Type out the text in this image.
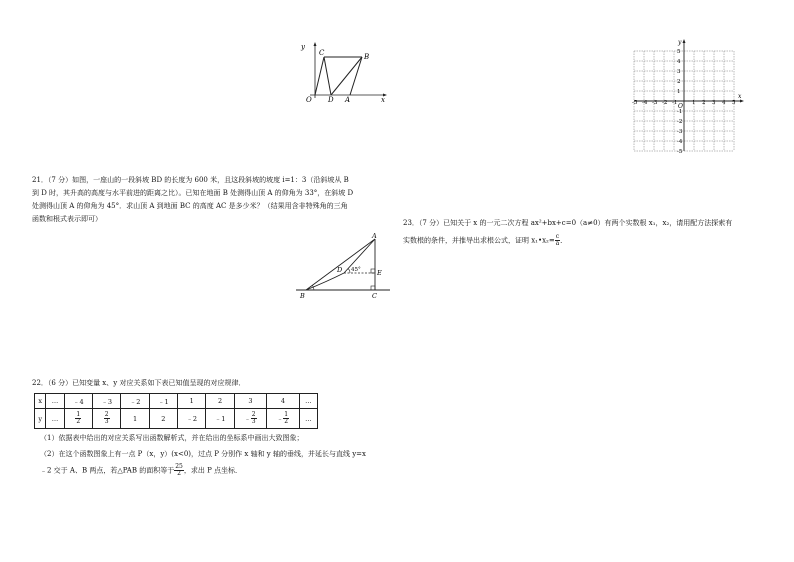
y
x
O
C	B
D A	x
y
O
-5 -4 -3 -2 -1	1 2 3 4 5
5
4
3
2
1
-1
-2
-3
-4
-5
21．（7 分）如图，一座山的一段斜坡 BD 的长度为 600 米，且这段斜坡的坡度 i=1：3（沿斜坡从 B
到 D 时，其升高的高度与水平前进的距离之比）。已知在地面 B 处测得山顶 A 的仰角为 33°，在斜坡 D
处测得山顶 A 的仰角为 45°．求山顶 A 到地面 BC 的高度 AC 是多少米？（结果用含非特殊角的三角
函数和根式表示即可）
A
D	E
B	C
45°
22．（6 分）已知变量 x、y 对应关系如下表已知值呈现的对应规律．
x	…	﹣4	﹣3	﹣2	﹣1	1	2	3	4	…
y	…	$\frac{1}{2}$	$\frac{2}{3}$	1	2	﹣2	﹣1	﹣ $\frac{2}{3}$	﹣ $\frac{1}{2}$	…
（1）依据表中给出的对应关系写出函数解析式，并在给出的坐标系中画出大致图象；
（2）在这个函数图象上有一点 P（x，y）(x<0)，过点 P 分别作 x 轴和 y 轴的垂线，并延长与直线 y=x
﹣2 交于 A、B 两点，若△PAB 的面积等于 $\frac{25}{2}$ ，求出 P 点坐标．
23．（7 分）已知关于 x 的一元二次方程 ax²+bx+c=0（a≠0）有两个实数根 x₁，x₂，请用配方法探索有
实数根的条件，并推导出求根公式，证明 x₁•x₂= $\frac{c}{a}$ ．
